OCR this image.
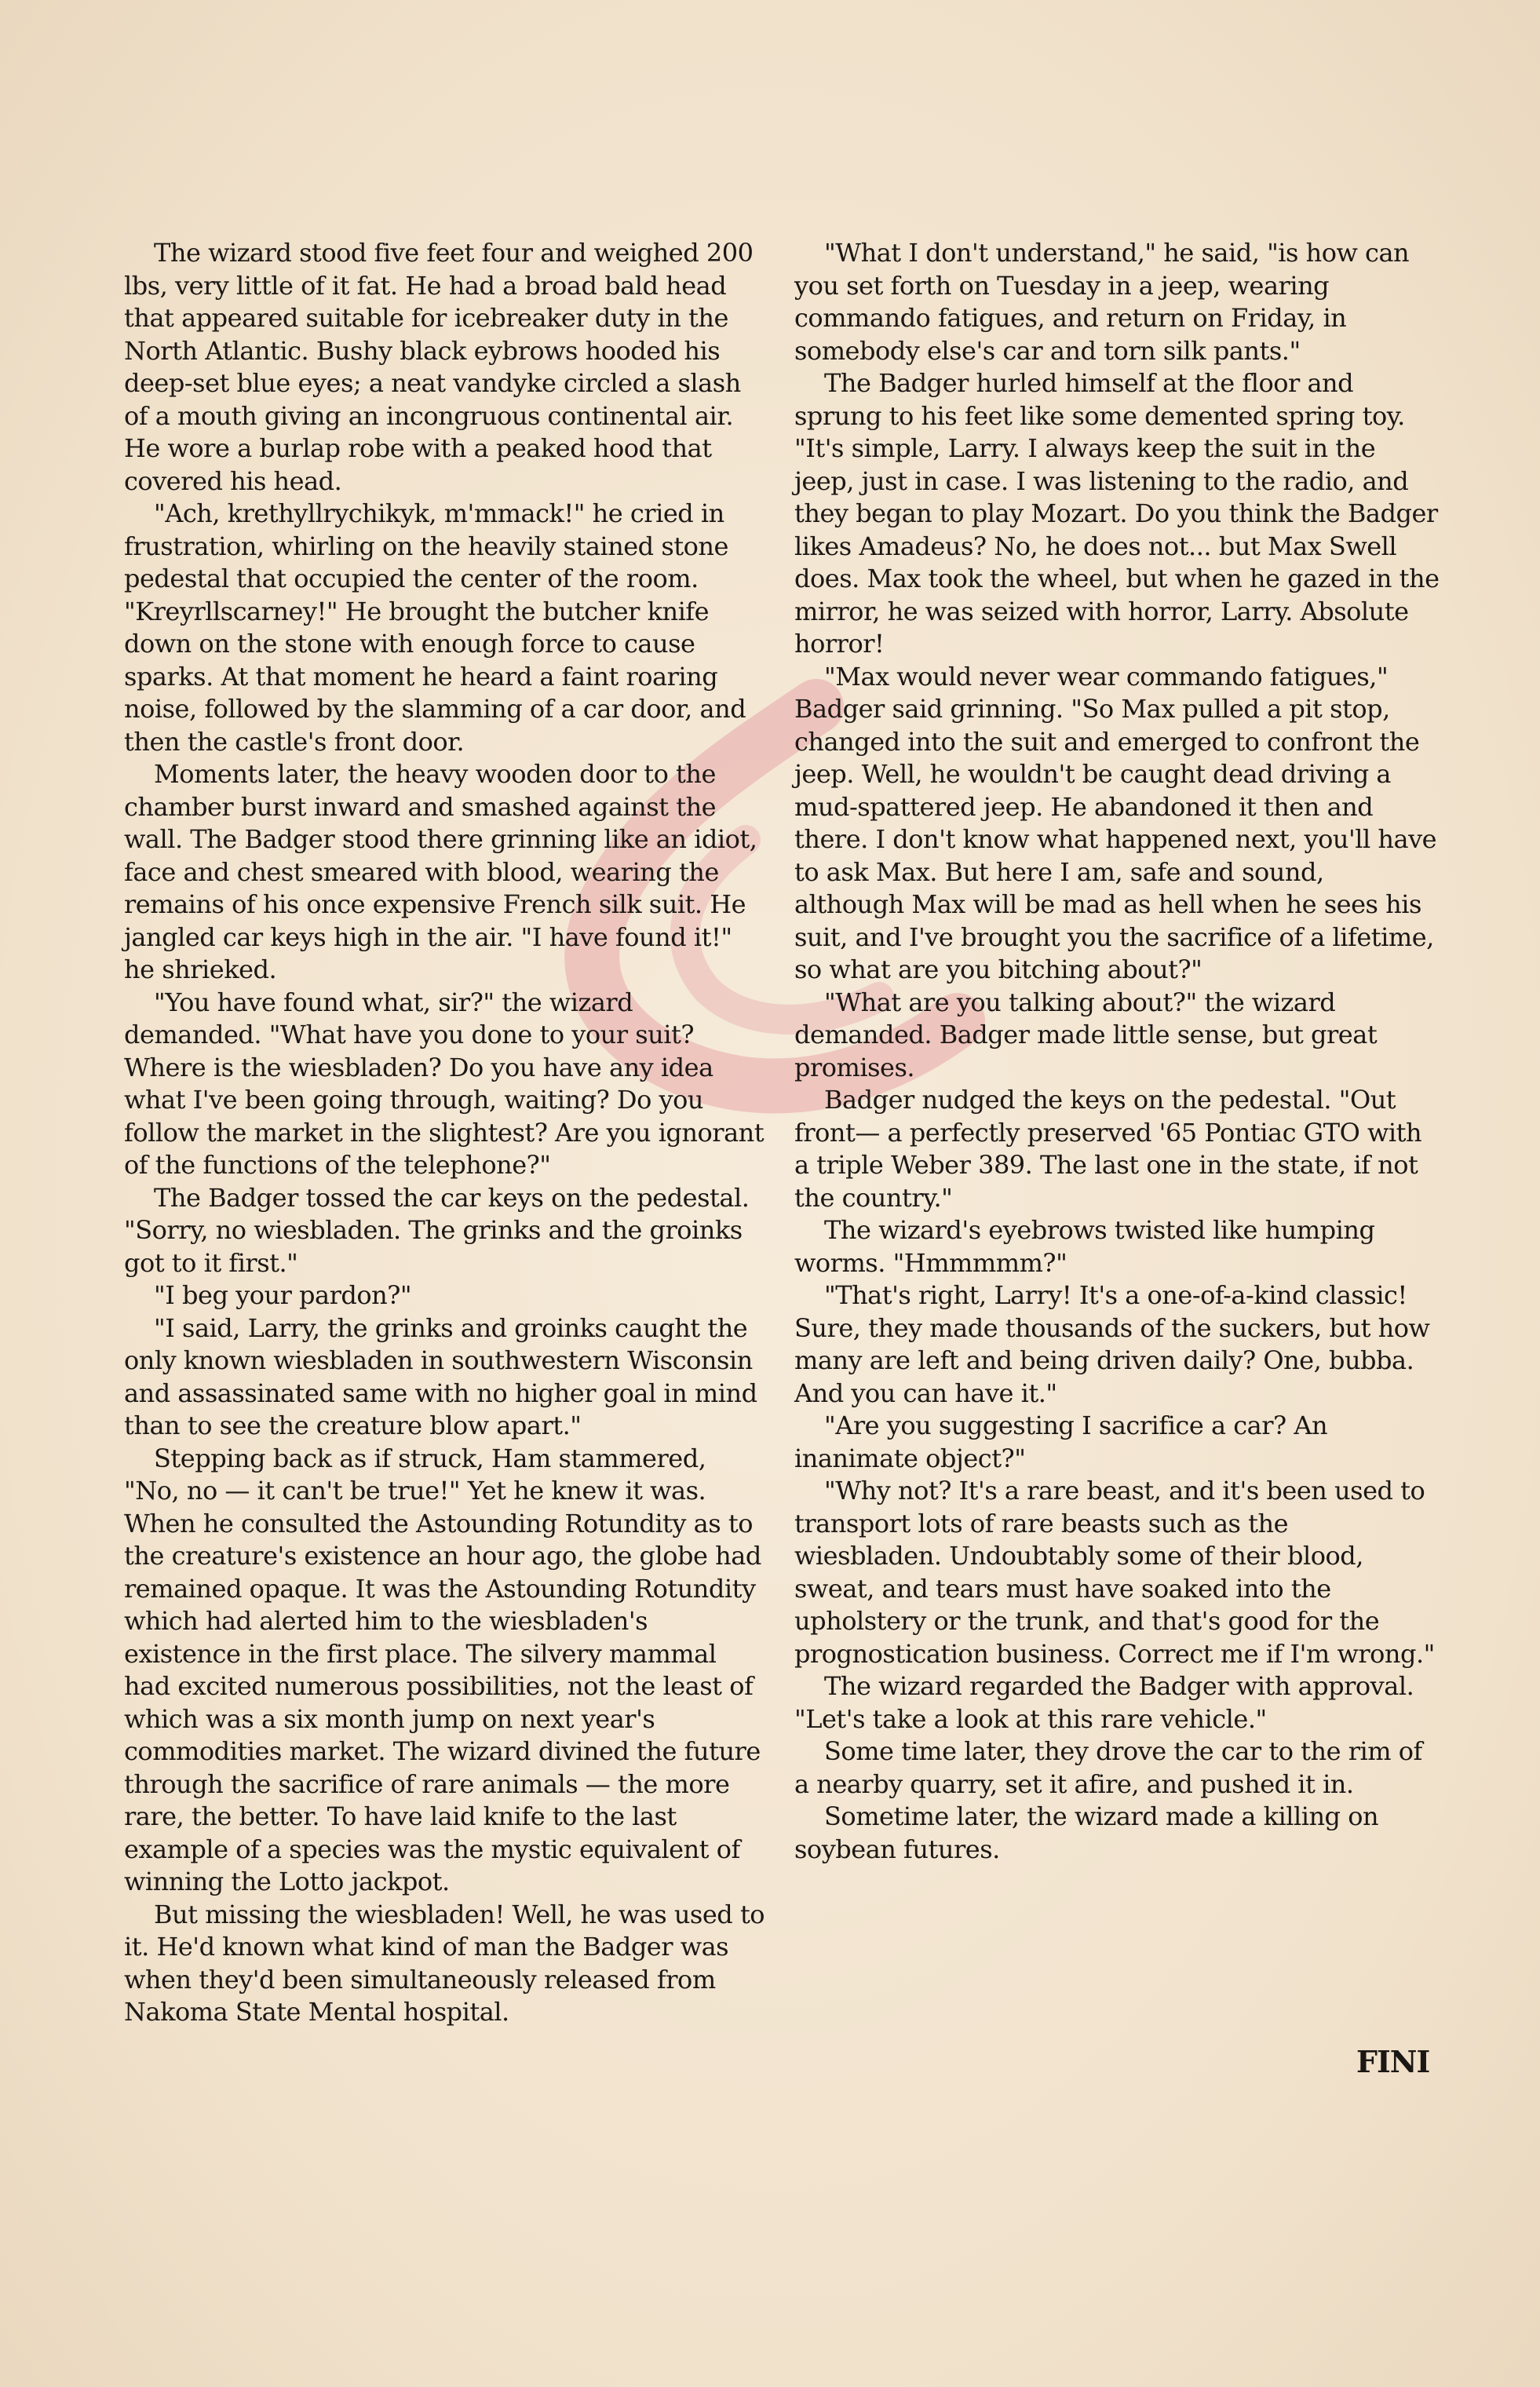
The wizard stood five feet four and weighed 200 lbs, very little of it fat. He had a broad bald head that appeared suitable for icebreaker duty in the North Atlantic. Bushy black eybrows hooded his deep-set blue eyes; a neat vandyke circled a slash of a mouth giving an incongruous continental air. He wore a burlap robe with a peaked hood that covered his head.

"Ach, krethyllrychikyk, m'mmack!" he cried in frustration, whirling on the heavily stained stone pedestal that occupied the center of the room. "Kreyrllscarney!" He brought the butcher knife down on the stone with enough force to cause sparks. At that moment he heard a faint roaring noise, followed by the slamming of a car door, and then the castle's front door.

Moments later, the heavy wooden door to the chamber burst inward and smashed against the wall. The Badger stood there grinning like an idiot, face and chest smeared with blood, wearing the remains of his once expensive French silk suit. He jangled car keys high in the air. "I have found it!" he shrieked.

"You have found what, sir?" the wizard demanded. "What have you done to your suit? Where is the wiesbladen? Do you have any idea what I've been going through, waiting? Do you follow the market in the slightest? Are you ignorant of the functions of the telephone?"

The Badger tossed the car keys on the pedestal. "Sorry, no wiesbladen. The grinks and the groinks got to it first."

"I beg your pardon?"

"I said, Larry, the grinks and groinks caught the only known wiesbladen in southwestern Wisconsin and assassinated same with no higher goal in mind than to see the creature blow apart."

Stepping back as if struck, Ham stammered, "No, no — it can't be true!" Yet he knew it was. When he consulted the Astounding Rotundity as to the creature's existence an hour ago, the globe had remained opaque. It was the Astounding Rotundity which had alerted him to the wiesbladen's existence in the first place. The silvery mammal had excited numerous possibilities, not the least of which was a six month jump on next year's commodities market. The wizard divined the future through the sacrifice of rare animals — the more rare, the better. To have laid knife to the last example of a species was the mystic equivalent of winning the Lotto jackpot.

But missing the wiesbladen! Well, he was used to it. He'd known what kind of man the Badger was when they'd been simultaneously released from Nakoma State Mental hospital.

"What I don't understand," he said, "is how can you set forth on Tuesday in a jeep, wearing commando fatigues, and return on Friday, in somebody else's car and torn silk pants."

The Badger hurled himself at the floor and sprung to his feet like some demented spring toy. "It's simple, Larry. I always keep the suit in the jeep, just in case. I was listening to the radio, and they began to play Mozart. Do you think the Badger likes Amadeus? No, he does not... but Max Swell does. Max took the wheel, but when he gazed in the mirror, he was seized with horror, Larry. Absolute horror!

"Max would never wear commando fatigues," Badger said grinning. "So Max pulled a pit stop, changed into the suit and emerged to confront the jeep. Well, he wouldn't be caught dead driving a mud-spattered jeep. He abandoned it then and there. I don't know what happened next, you'll have to ask Max. But here I am, safe and sound, although Max will be mad as hell when he sees his suit, and I've brought you the sacrifice of a lifetime, so what are you bitching about?"

"What are you talking about?" the wizard demanded. Badger made little sense, but great promises.

Badger nudged the keys on the pedestal. "Out front— a perfectly preserved '65 Pontiac GTO with a triple Weber 389. The last one in the state, if not the country."

The wizard's eyebrows twisted like humping worms. "Hmmmmm?"

"That's right, Larry! It's a one-of-a-kind classic! Sure, they made thousands of the suckers, but how many are left and being driven daily? One, bubba. And you can have it."

"Are you suggesting I sacrifice a car? An inanimate object?"

"Why not? It's a rare beast, and it's been used to transport lots of rare beasts such as the wiesbladen. Undoubtably some of their blood, sweat, and tears must have soaked into the upholstery or the trunk, and that's good for the prognostication business. Correct me if I'm wrong."

The wizard regarded the Badger with approval. "Let's take a look at this rare vehicle."

Some time later, they drove the car to the rim of a nearby quarry, set it afire, and pushed it in.

Sometime later, the wizard made a killing on soybean futures.

FINI
